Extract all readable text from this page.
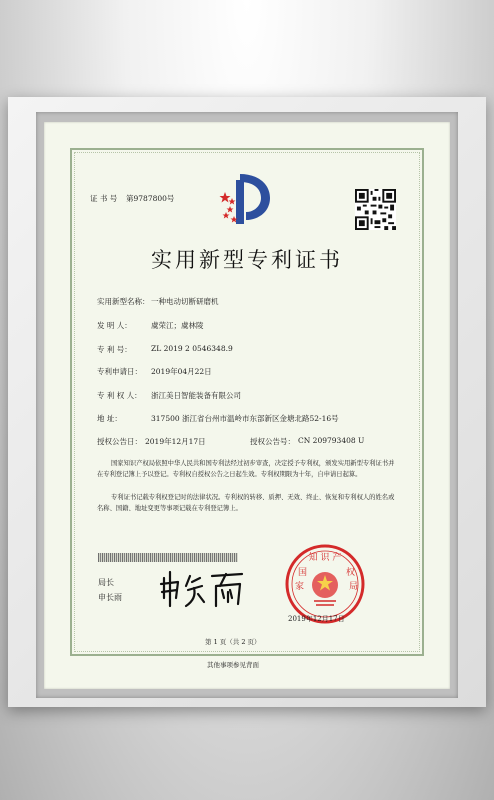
证 书 号 第9787800号
实用新型专利证书
实用新型名称： 一种电动切断研磨机
发 明 人：	虞荣江；虞林陵
专 利 号：	ZL 2019 2 0546348.9
专利申请日： 2019年04月22日
专 利 权 人： 浙江美日智能装备有限公司
地 址：	317500 浙江省台州市温岭市东部新区金塘北路52-16号
授权公告日： 2019年12月17日	授权公告号： CN 209793408 U
国家知识产权局依照中华人民共和国专利法经过初步审查，决定授予专利权，颁发实用新型专利证书并在专利登记簿上予以登记。专利权自授权公告之日起生效。专利权期限为十年，自申请日起算。
专利证书记载专利权登记时的法律状况。专利权的转移、质押、无效、终止、恢复和专利权人的姓名或名称、国籍、地址变更等事项记载在专利登记簿上。
局长
申长雨
知 识 产
国
家
权
局
2019年12月17日
第 1 页（共 2 页）
其他事项参见背面
